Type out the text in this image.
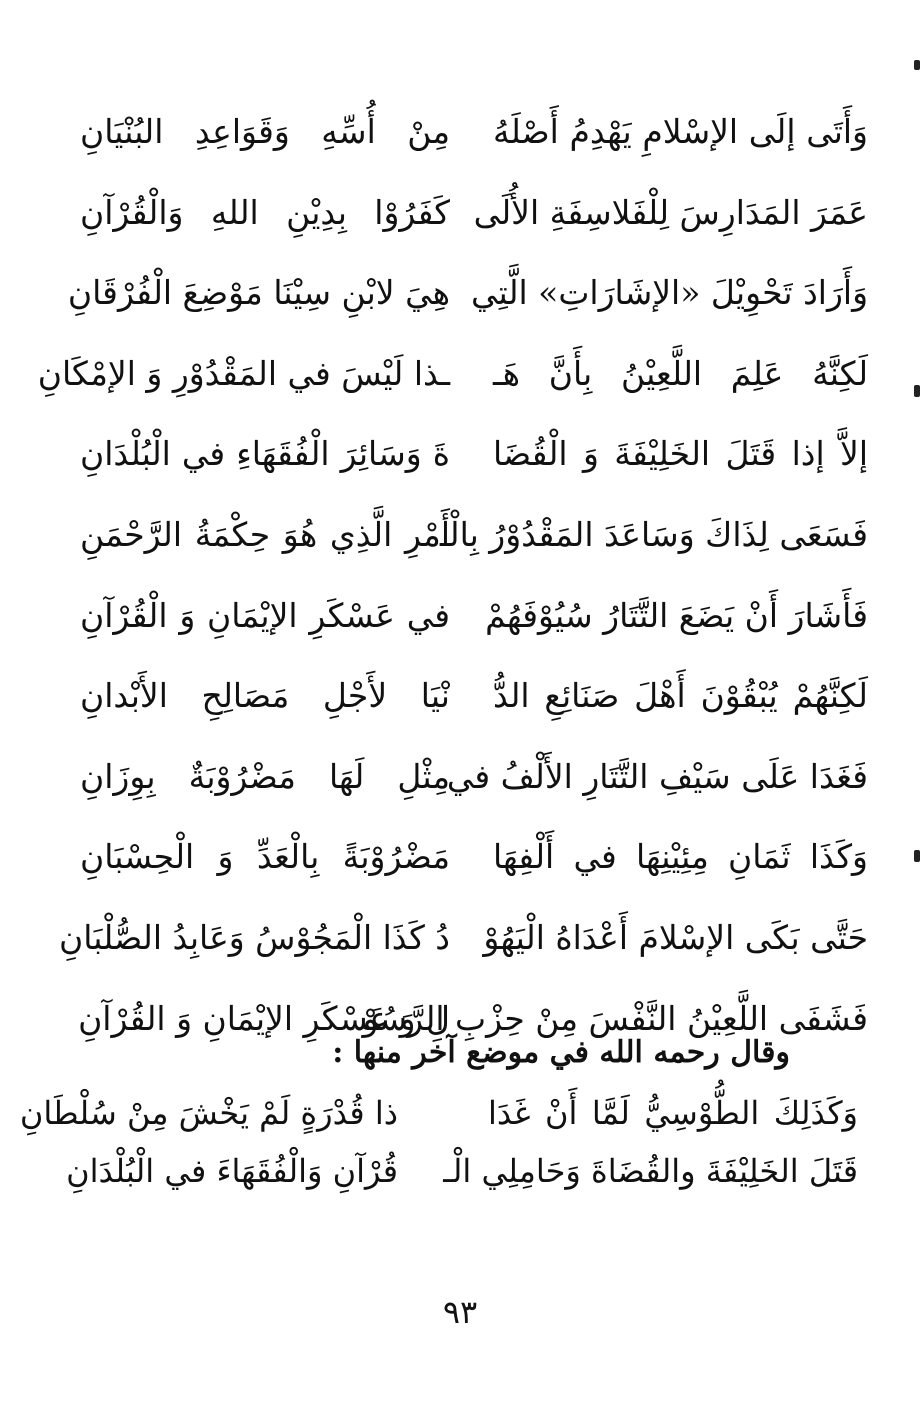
وَأَتَى إلَى الإسْلامِ يَهْدِمُ أَصْلَهُ
مِنْ أُسِّهِ وَقَوَاعِدِ البُنْيَانِ
عَمَرَ المَدَارِسَ لِلْفَلاسِفَةِ الأُلَى
كَفَرُوْا بِدِيْنِ اللهِ وَالْقُرْآنِ
وَأَرَادَ تَحْوِيْلَ «الإشَارَاتِ» الَّتِي
هِيَ لابْنِ سِيْنَا مَوْضِعَ الْفُرْقَانِ
لَكِنَّهُ عَلِمَ اللَّعِيْنُ بِأَنَّ هَـ
ـذا لَيْسَ في المَقْدُوْرِ وَ الإمْكَانِ
إلاَّ إذا قَتَلَ الخَلِيْفَةَ وَ الْقُضَا
ةَ وَسَائِرَ الْفُقَهَاءِ في الْبُلْدَانِ
فَسَعَى لِذَاكَ وَسَاعَدَ المَقْدُوْرُ بِالْـ
أَمْرِ الَّذِي هُوَ حِكْمَةُ الرَّحْمَنِ
فَأَشَارَ أَنْ يَضَعَ التَّتَارُ سُيُوْفَهُمْ
في عَسْكَرِ الإيْمَانِ وَ الْقُرْآنِ
لَكِنَّهُمْ يُبْقُوْنَ أَهْلَ صَنَائِعِ الدُّ
نْيَا لأَجْلِ مَصَالِحِ الأَبْدانِ
فَغَدَا عَلَى سَيْفِ التَّتَارِ الأَلْفُ في
مِثْلِ لَهَا مَضْرُوْبَةٌ بِوِزَانِ
وَكَذَا ثَمَانِ مِئِيْنِهَا في أَلْفِهَا
مَضْرُوْبَةً بِالْعَدِّ وَ الْحِسْبَانِ
حَتَّى بَكَى الإسْلامَ أَعْدَاهُ الْيَهُوْ
دُ كَذَا الْمَجُوْسُ وَعَابِدُ الصُّلْبَانِ
فَشَفَى اللَّعِيْنُ النَّفْسَ مِنْ حِزْبِ الرَّسُوْ
لِ وَ عَسْكَرِ الإيْمَانِ وَ القُرْآنِ
وقال رحمه الله في موضع آخر منها :
وَكَذَلِكَ الطُّوْسِيُّ لَمَّا أَنْ غَدَا
ذا قُدْرَةٍ لَمْ يَخْشَ مِنْ سُلْطَانِ
قَتَلَ الخَلِيْفَةَ والقُضَاةَ وَحَامِلِي الْـ
قُرْآنِ وَالْفُقَهَاءَ في الْبُلْدَانِ
٩٣
